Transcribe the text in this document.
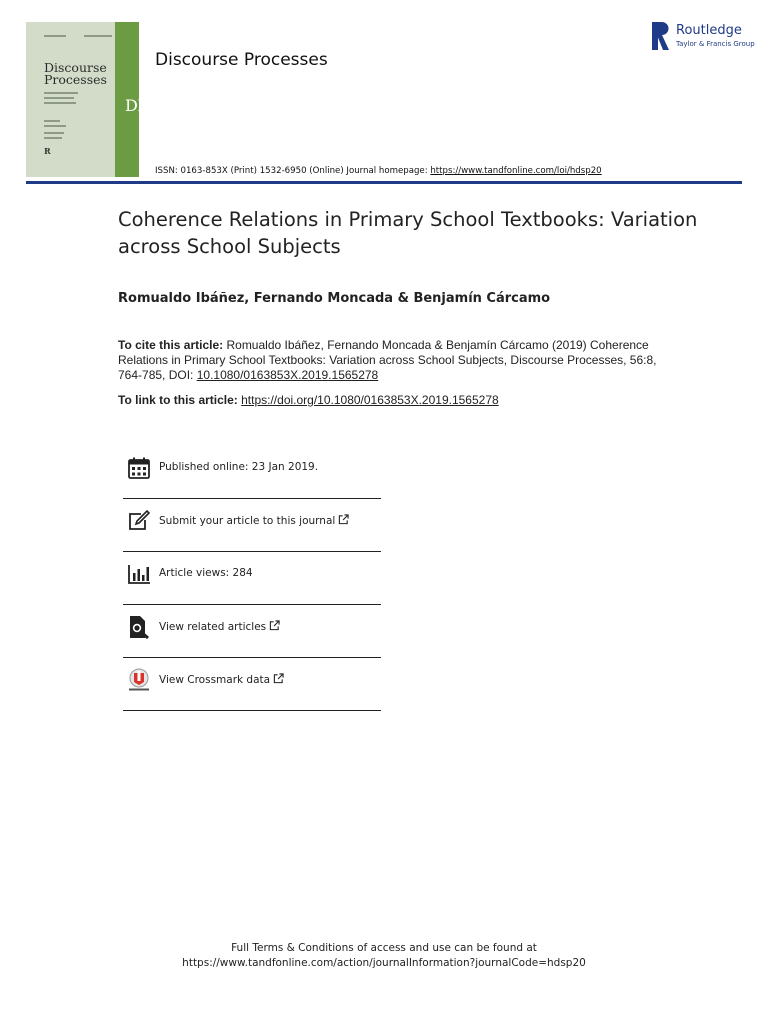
Discourse
Processes
DP
R
Discourse Processes
Routledge
Taylor & Francis Group
ISSN: 0163-853X (Print) 1532-6950 (Online) Journal homepage: https://www.tandfonline.com/loi/hdsp20
Coherence Relations in Primary School Textbooks: Variation across School Subjects
Romualdo Ibáñez, Fernando Moncada & Benjamín Cárcamo
To cite this article: Romualdo Ibáñez, Fernando Moncada & Benjamín Cárcamo (2019) Coherence Relations in Primary School Textbooks: Variation across School Subjects, Discourse Processes, 56:8, 764-785, DOI: 10.1080/0163853X.2019.1565278
To link to this article: https://doi.org/10.1080/0163853X.2019.1565278
Published online: 23 Jan 2019.
Submit your article to this journal
Article views: 284
View related articles
View Crossmark data
Full Terms & Conditions of access and use can be found at
https://www.tandfonline.com/action/journalInformation?journalCode=hdsp20
